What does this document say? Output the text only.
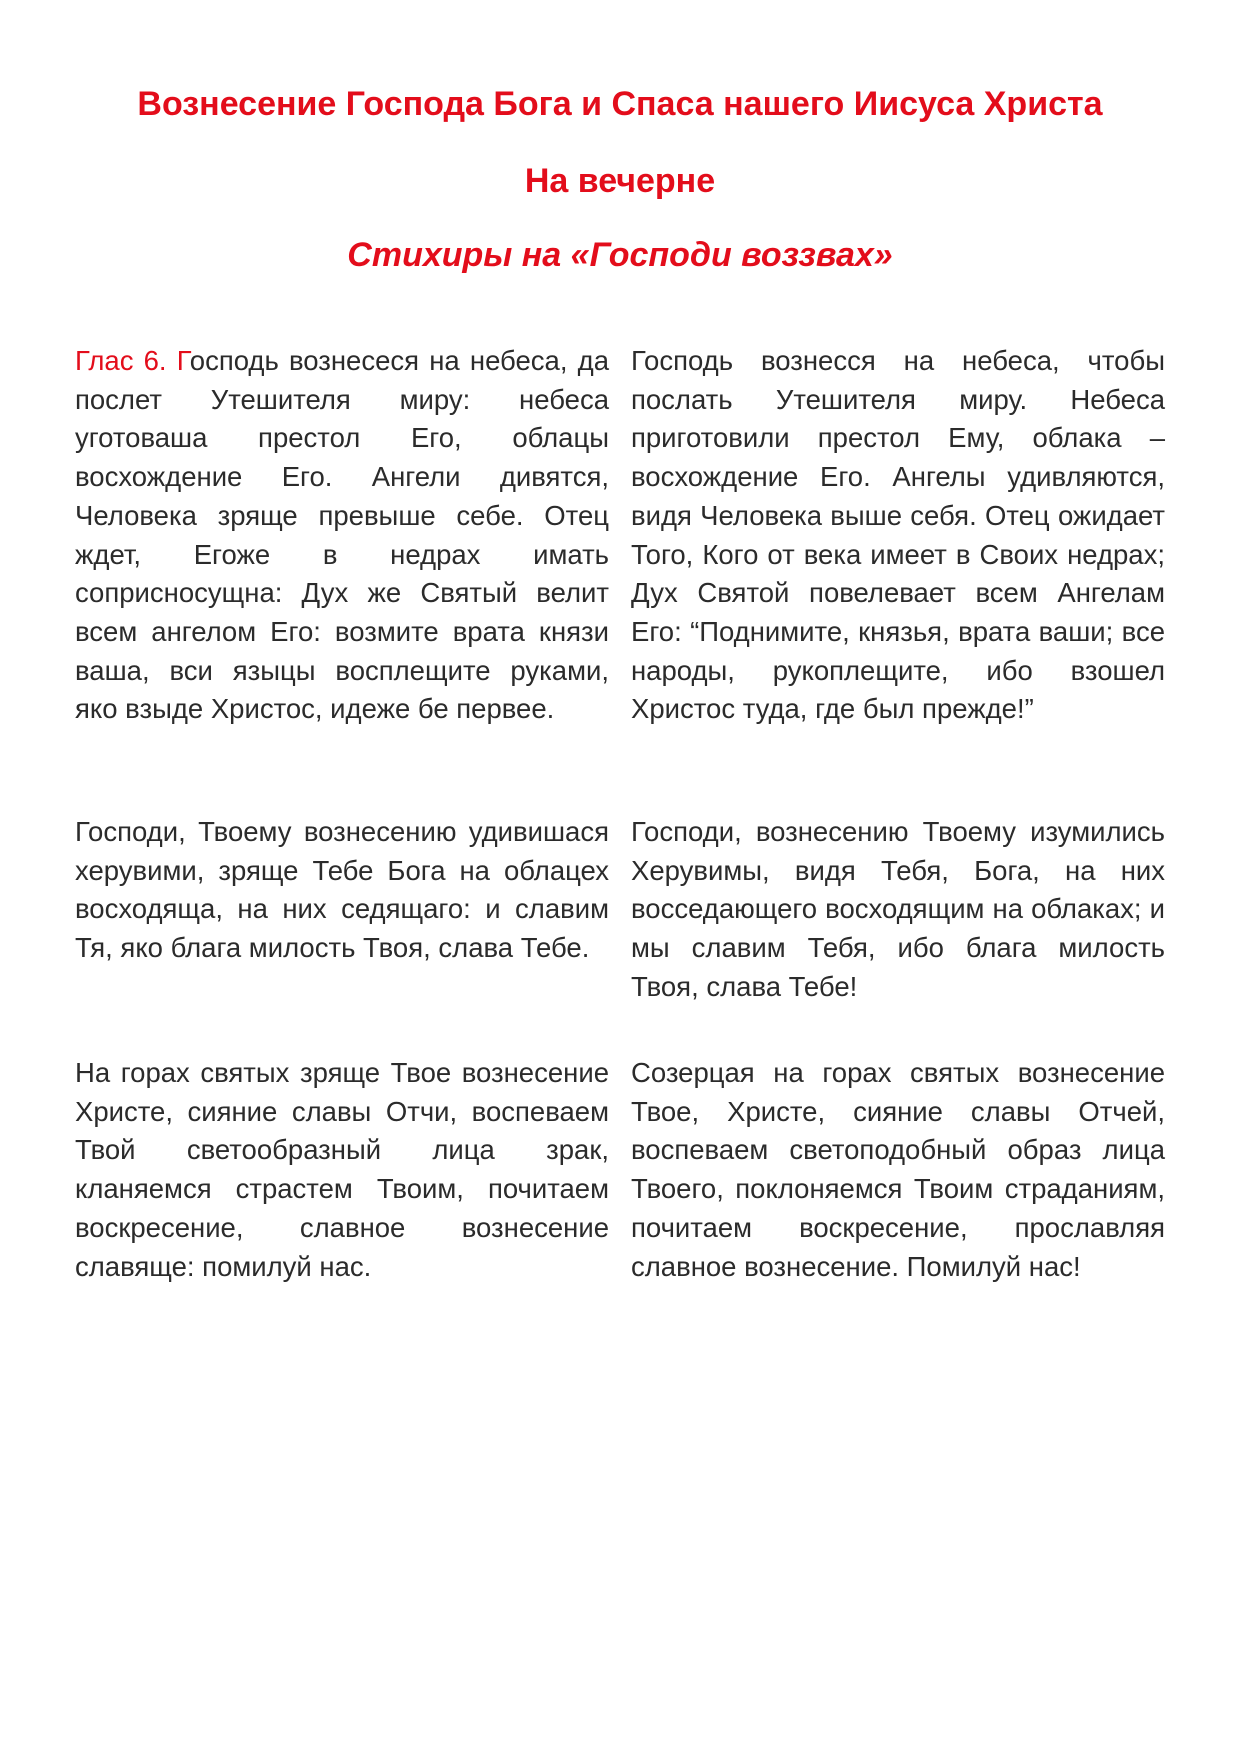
Вознесение Господа Бога и Спаса нашего Иисуса Христа
На вечерне
Стихиры на «Господи воззвах»

Глас 6. Господь вознесеся на небеса, да послет Утешителя миру: небеса уготоваша престол Его, облацы восхождение Его. Ангели дивятся, Человека зряще превыше себе. Отец ждет, Егоже в недрах имать соприсносущна: Дух же Святый велит всем ангелом Его: возмите врата князи ваша, вси языцы восплещите руками, яко взыде Христос, идеже бе первее.

Господь вознесся на небеса, чтобы послать Утешителя миру. Небеса приготовили престол Ему, облака – восхождение Его. Ангелы удивляются, видя Человека выше себя. Отец ожидает Того, Кого от века имеет в Своих недрах; Дух Святой повелевает всем Ангелам Его: “Поднимите, князья, врата ваши; все народы, рукоплещите, ибо взошел Христос туда, где был прежде!”

Господи, Твоему вознесению удивишася херувими, зряще Тебе Бога на облацех восходяща, на них седящаго: и славим Тя, яко блага милость Твоя, слава Тебе.

Господи, вознесению Твоему изумились Херувимы, видя Тебя, Бога, на них восседающего восходящим на облаках; и мы славим Тебя, ибо блага милость Твоя, слава Тебе!

На горах святых зряще Твое вознесение Христе, сияние славы Отчи, воспеваем Твой светообразный лица зрак, кланяемся страстем Твоим, почитаем воскресение, славное вознесение славяще: помилуй нас.

Созерцая на горах святых вознесение Твое, Христе, сияние славы Отчей, воспеваем светоподобный образ лица Твоего, поклоняемся Твоим страданиям, почитаем воскресение, прославляя славное вознесение. Помилуй нас!
